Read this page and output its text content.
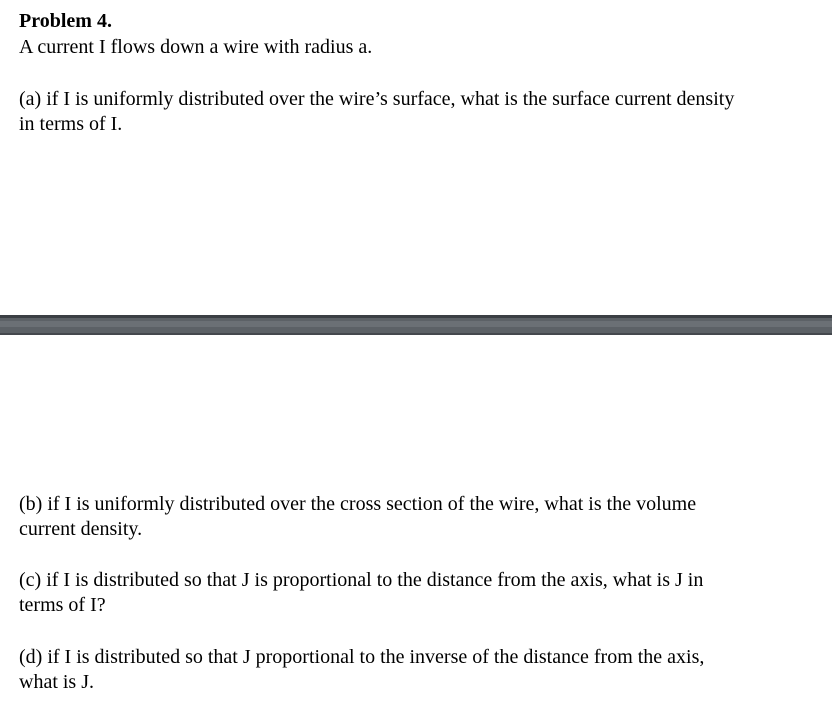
Problem 4.

A current I flows down a wire with radius a.

(a) if I is uniformly distributed over the wire’s surface, what is the surface current density
in terms of I.
(b) if I is uniformly distributed over the cross section of the wire, what is the volume
current density.
(c) if I is distributed so that J is proportional to the distance from the axis, what is J in
terms of I?
(d) if I is distributed so that J proportional to the inverse of the distance from the axis,
what is J.
